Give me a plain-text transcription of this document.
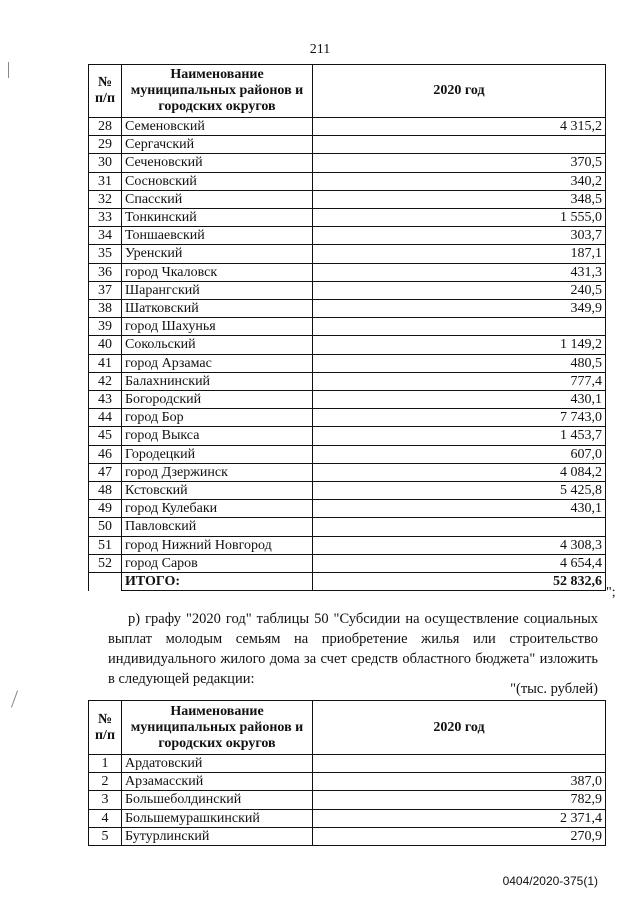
211
№ п/п	Наименование муниципальных районов и городских округов	2020 год
28	Семеновский	4 315,2
29	Сергачский	
30	Сеченовский	370,5
31	Сосновский	340,2
32	Спасский	348,5
33	Тонкинский	1 555,0
34	Тоншаевский	303,7
35	Уренский	187,1
36	город Чкаловск	431,3
37	Шарангский	240,5
38	Шатковский	349,9
39	город Шахунья	
40	Сокольский	1 149,2
41	город Арзамас	480,5
42	Балахнинский	777,4
43	Богородский	430,1
44	город Бор	7 743,0
45	город Выкса	1 453,7
46	Городецкий	607,0
47	город Дзержинск	4 084,2
48	Кстовский	5 425,8
49	город Кулебаки	430,1
50	Павловский	
51	город Нижний Новгород	4 308,3
52	город Саров	4 654,4
	ИТОГО:	52 832,6
";
р) графу "2020 год" таблицы 50 "Субсидии на осуществление социальных выплат молодым семьям на приобретение жилья или строительство индивидуального жилого дома за счет средств областного бюджета" изложить в следующей редакции:
"(тыс. рублей)
№ п/п	Наименование муниципальных районов и городских округов	2020 год
1	Ардатовский	
2	Арзамасский	387,0
3	Большеболдинский	782,9
4	Большемурашкинский	2 371,4
5	Бутурлинский	270,9
0404/2020-375(1)
